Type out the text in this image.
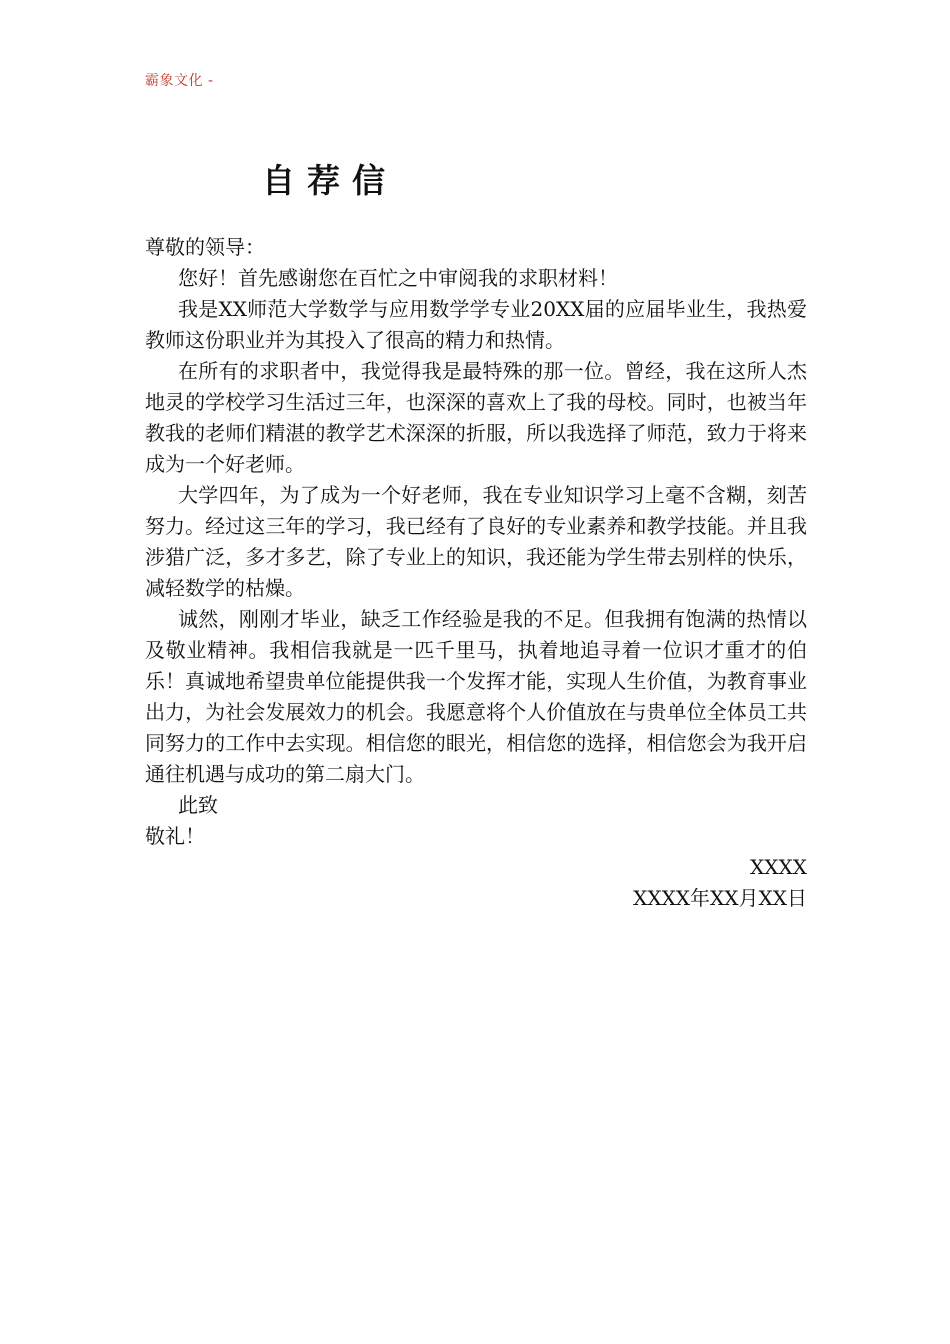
霸象文化 -
自荐信

尊敬的领导：

您好！首先感谢您在百忙之中审阅我的求职材料！

我是XX师范大学数学与应用数学学专业20XX届的应届毕业生，我热爱教师这份职业并为其投入了很高的精力和热情。

在所有的求职者中，我觉得我是最特殊的那一位。曾经，我在这所人杰地灵的学校学习生活过三年，也深深的喜欢上了我的母校。同时，也被当年教我的老师们精湛的教学艺术深深的折服，所以我选择了师范，致力于将来成为一个好老师。

大学四年，为了成为一个好老师，我在专业知识学习上毫不含糊，刻苦努力。经过这三年的学习，我已经有了良好的专业素养和教学技能。并且我涉猎广泛，多才多艺，除了专业上的知识，我还能为学生带去别样的快乐，减轻数学的枯燥。

诚然，刚刚才毕业，缺乏工作经验是我的不足。但我拥有饱满的热情以及敬业精神。我相信我就是一匹千里马，执着地追寻着一位识才重才的伯乐！真诚地希望贵单位能提供我一个发挥才能，实现人生价值，为教育事业出力，为社会发展效力的机会。我愿意将个人价值放在与贵单位全体员工共同努力的工作中去实现。相信您的眼光，相信您的选择，相信您会为我开启通往机遇与成功的第二扇大门。

此致

敬礼！

XXXX

XXXX年XX月XX日
